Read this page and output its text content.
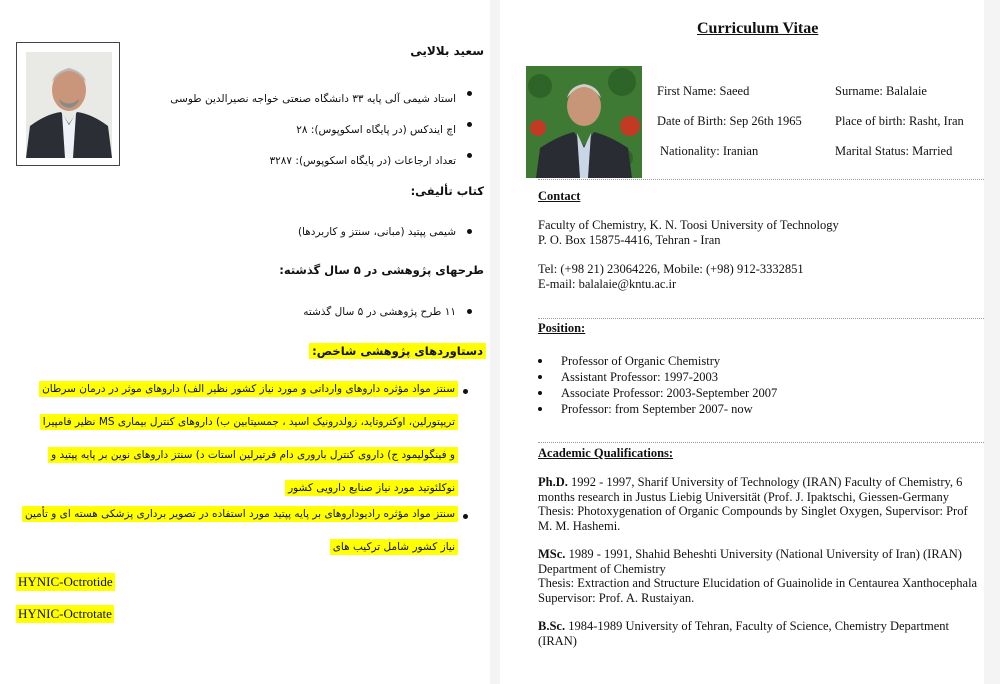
سعید بلالایی
استاد شیمی آلی پایه ۳۳ دانشگاه صنعتی خواجه نصیرالدین طوسی
اچ ایندکس (در پایگاه اسکوپوس): ۲۸
تعداد ارجاعات (در پایگاه اسکوپوس): ۳۲۸۷
کتاب تألیفی:
شیمی پپتید (مبانی، سنتز و کاربردها)
طرحهای پژوهشی در ۵ سال گذشته:
۱۱ طرح پژوهشی در ۵ سال گذشته
دستاوردهای پژوهشی شاخص:
سنتز مواد مؤثره داروهای وارداتی و مورد نیاز کشور نظیر الف) داروهای موثر در درمان سرطان
تریپتورلین، اوکتروتاید، زولدرونیک اسید ، جمسیتابین ب) داروهای کنترل بیماری MS نظیر فامپیرا
و فینگولیمود ج) داروی کنترل باروری دام فرتیرلین استات د) سنتز داروهای نوین بر پایه پپتید و
نوکلئوتید مورد نیاز صنایع دارویی کشور
سنتز مواد مؤثره رادیوداروهای بر پایه پپتید مورد استفاده در تصویر برداری پزشکی هسته ای و تأمین
نیاز کشور شامل ترکیب های
HYNIC-Octrotide
HYNIC-Octrotate
Curriculum Vitae
First Name: Saeed	Surname: Balalaie
Date of Birth: Sep 26th 1965	Place of birth: Rasht, Iran
Nationality: Iranian	Marital Status: Married
Contact
Faculty of Chemistry, K. N. Toosi University of Technology
P. O. Box 15875-4416, Tehran - Iran
Tel: (+98 21) 23064226, Mobile: (+98) 912-3332851
E-mail: balalaie@kntu.ac.ir
Position:
Professor of Organic Chemistry
Assistant Professor: 1997-2003
Associate Professor: 2003-September 2007
Professor: from September 2007- now
Academic Qualifications:
Ph.D. 1992 - 1997, Sharif University of Technology (IRAN) Faculty of Chemistry, 6
months research in Justus Liebig Universität (Prof. J. Ipaktschi, Giessen-Germany
Thesis: Photoxygenation of Organic Compounds by Singlet Oxygen, Supervisor: Prof
M. M. Hashemi.
MSc. 1989 - 1991, Shahid Beheshti University (National University of Iran) (IRAN)
Department of Chemistry
Thesis: Extraction and Structure Elucidation of Guainolide in Centaurea Xanthocephala
Supervisor: Prof. A. Rustaiyan.
B.Sc. 1984-1989 University of Tehran, Faculty of Science, Chemistry Department
(IRAN)
